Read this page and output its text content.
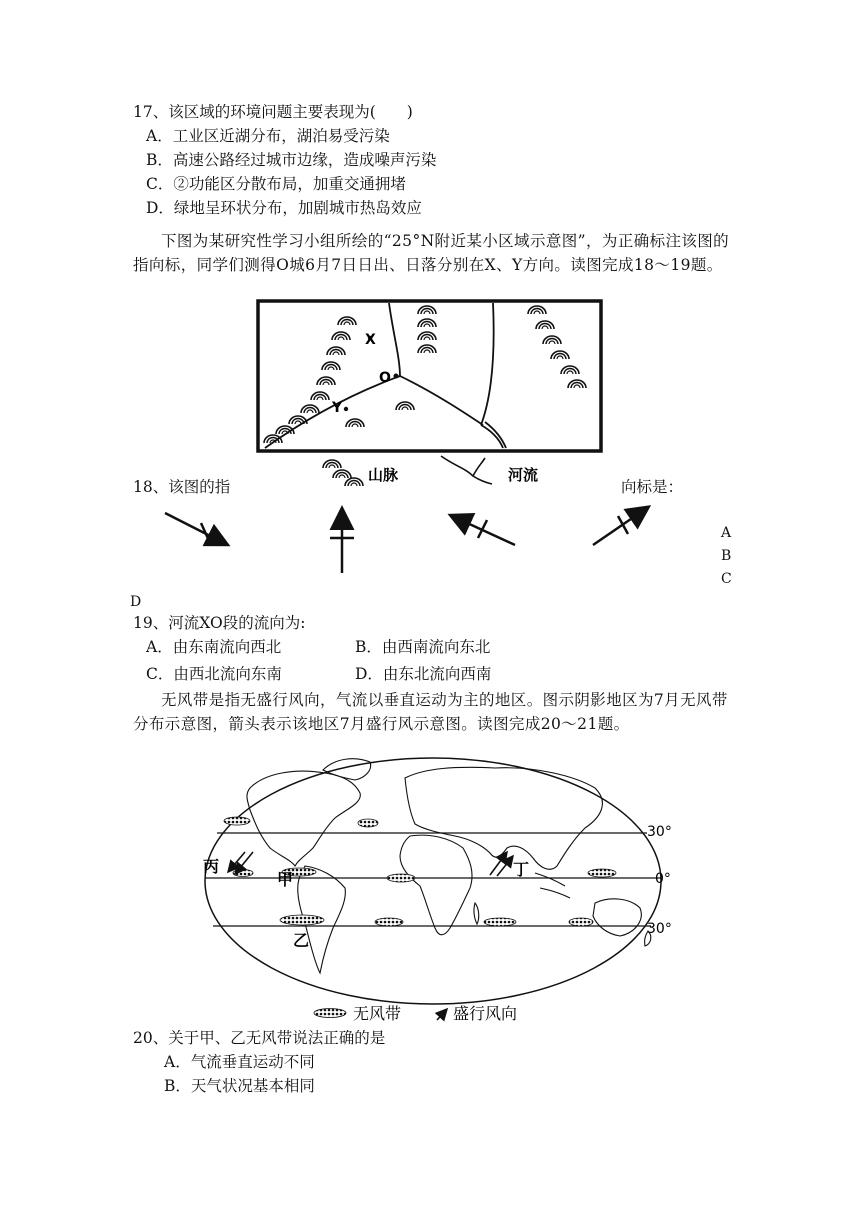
17、该区域的环境问题主要表现为(　　)
A．工业区近湖分布，湖泊易受污染
B．高速公路经过城市边缘，造成噪声污染
C．②功能区分散布局，加重交通拥堵
D．绿地呈环状分布，加剧城市热岛效应
下图为某研究性学习小组所绘的“25°N附近某小区域示意图”，为正确标注该图的指向标，同学们测得O城6月7日日出、日落分别在X、Y方向。读图完成18～19题。
X
O
Y
山脉	河流
18、该图的指	向标是：
A
B
C
D
19、河流XO段的流向为:
A．由东南流向西北	B．由西南流向东北
C．由西北流向东南	D．由东北流向西南
无风带是指无盛行风向，气流以垂直运动为主的地区。图示阴影地区为7月无风带分布示意图，箭头表示该地区7月盛行风示意图。读图完成20～21题。
30°
0°
30°
丙
甲
乙
丁
无风带	盛行风向
20、关于甲、乙无风带说法正确的是
A．气流垂直运动不同
B．天气状况基本相同
